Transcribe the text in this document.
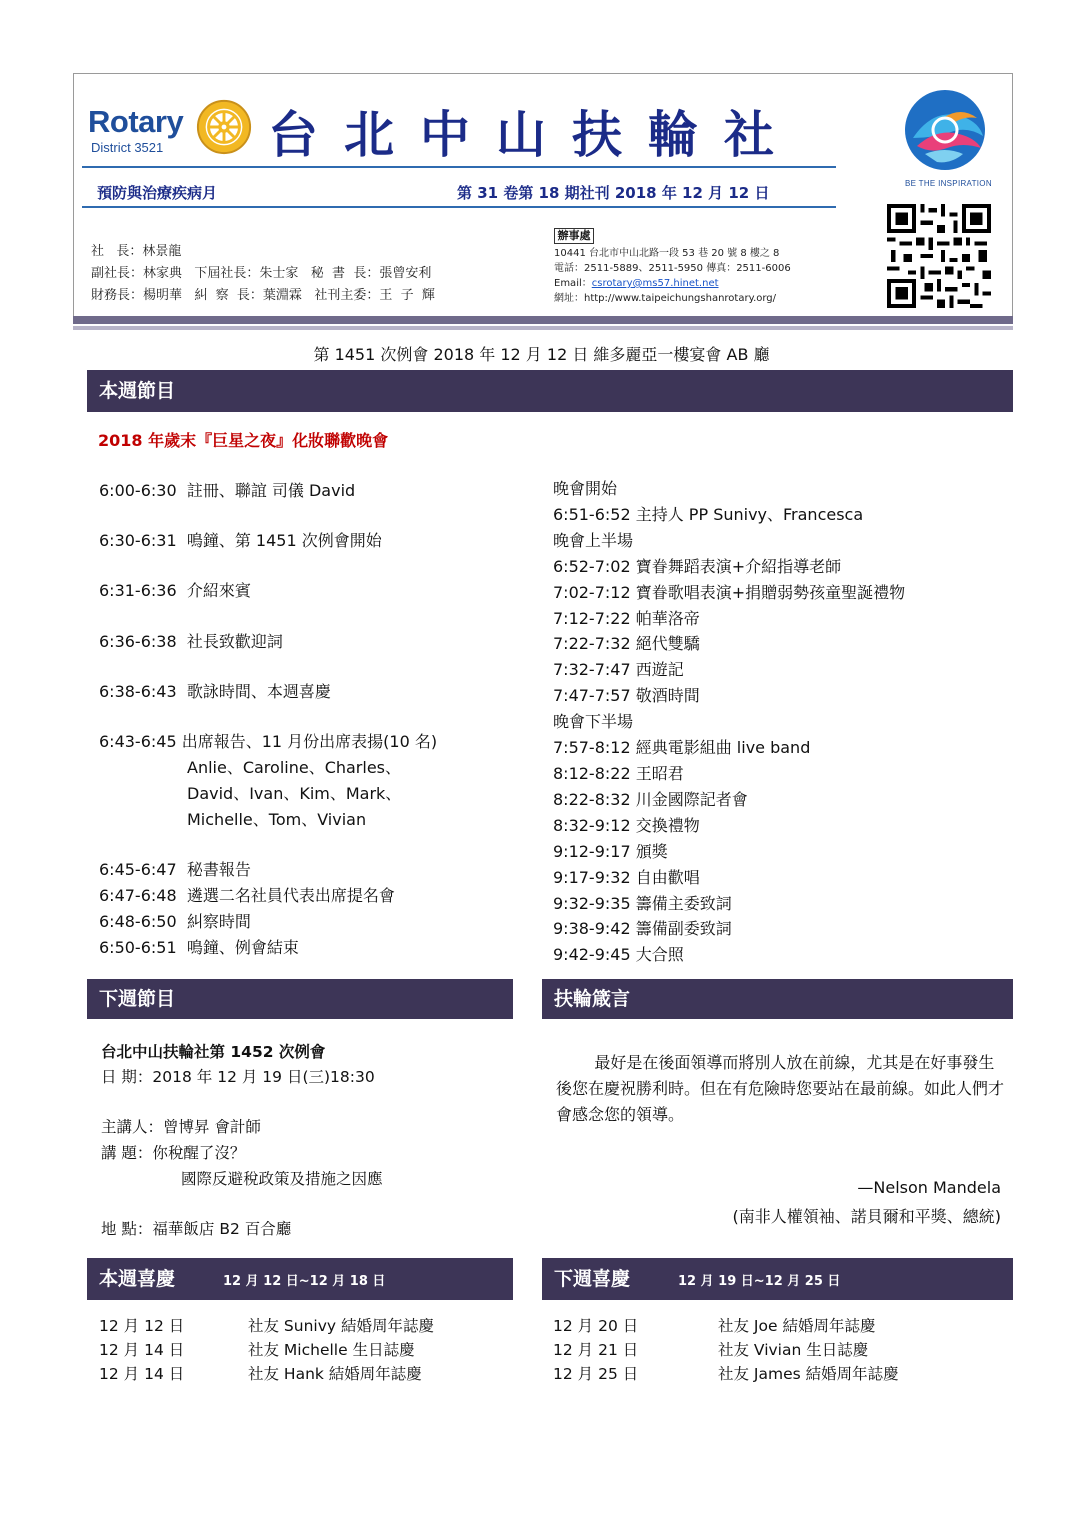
Rotary
District 3521 台北中山扶輪社
BE THE INSPIRATION
預防與治療疾病月	第 31 卷第 18 期社刊 2018 年 12 月 12 日
社   長：林景龍
副社長：林家典   下屆社長：朱士家   秘  書  長：張曾安利
財務長：楊明華   糾  察  長：葉淵霖   社刊主委：王  子  輝
辦事處
10441 台北市中山北路一段 53 巷 20 號 8 樓之 8
電話：2511-5889、2511-5950 傳真：2511-6006
Email：csrotary@ms57.hinet.net
網址：http://www.taipeichungshanrotary.org/
第 1451 次例會 2018 年 12 月 12 日 維多麗亞一樓宴會 AB 廳
本週節目
2018 年歲末『巨星之夜』化妝聯歡晚會
6:00-6:30 註冊、聯誼 司儀 David
6:30-6:31 鳴鐘、第 1451 次例會開始
6:31-6:36 介紹來賓
6:36-6:38 社長致歡迎詞
6:38-6:43 歌詠時間、本週喜慶
6:43-6:45 出席報告、11 月份出席表揚(10 名)
Anlie、Caroline、Charles、
David、Ivan、Kim、Mark、
Michelle、Tom、Vivian
6:45-6:47 秘書報告
6:47-6:48 遴選二名社員代表出席提名會
6:48-6:50 糾察時間
6:50-6:51 鳴鐘、例會結束
晚會開始
6:51-6:52 主持人 PP Sunivy、Francesca
晚會上半場
6:52-7:02 寶眷舞蹈表演+介紹指導老師
7:02-7:12 寶眷歌唱表演+捐贈弱勢孩童聖誕禮物
7:12-7:22 帕華洛帝
7:22-7:32 絕代雙驕
7:32-7:47 西遊記
7:47-7:57 敬酒時間
晚會下半場
7:57-8:12 經典電影組曲 live band
8:12-8:22 王昭君
8:22-8:32 川金國際記者會
8:32-9:12 交換禮物
9:12-9:17 頒獎
9:17-9:32 自由歡唱
9:32-9:35 籌備主委致詞
9:38-9:42 籌備副委致詞
9:42-9:45 大合照
下週節目
台北中山扶輪社第 1452 次例會
日 期：2018 年 12 月 19 日(三)18:30
主講人：曾博昇 會計師
講 題：你稅醒了沒？
國際反避稅政策及措施之因應
地 點：福華飯店 B2 百合廳
扶輪箴言
最好是在後面領導而將別人放在前線，尤其是在好事發生後您在慶祝勝利時。但在有危險時您要站在最前線。如此人們才會感念您的領導。
—Nelson Mandela
(南非人權領袖、諾貝爾和平獎、總統)
本週喜慶	12 月 12 日~12 月 18 日
12 月 12 日	社友 Sunivy 結婚周年誌慶
12 月 14 日	社友 Michelle 生日誌慶
12 月 14 日	社友 Hank 結婚周年誌慶
下週喜慶	12 月 19 日~12 月 25 日
12 月 20 日	社友 Joe 結婚周年誌慶
12 月 21 日	社友 Vivian 生日誌慶
12 月 25 日	社友 James 結婚周年誌慶
